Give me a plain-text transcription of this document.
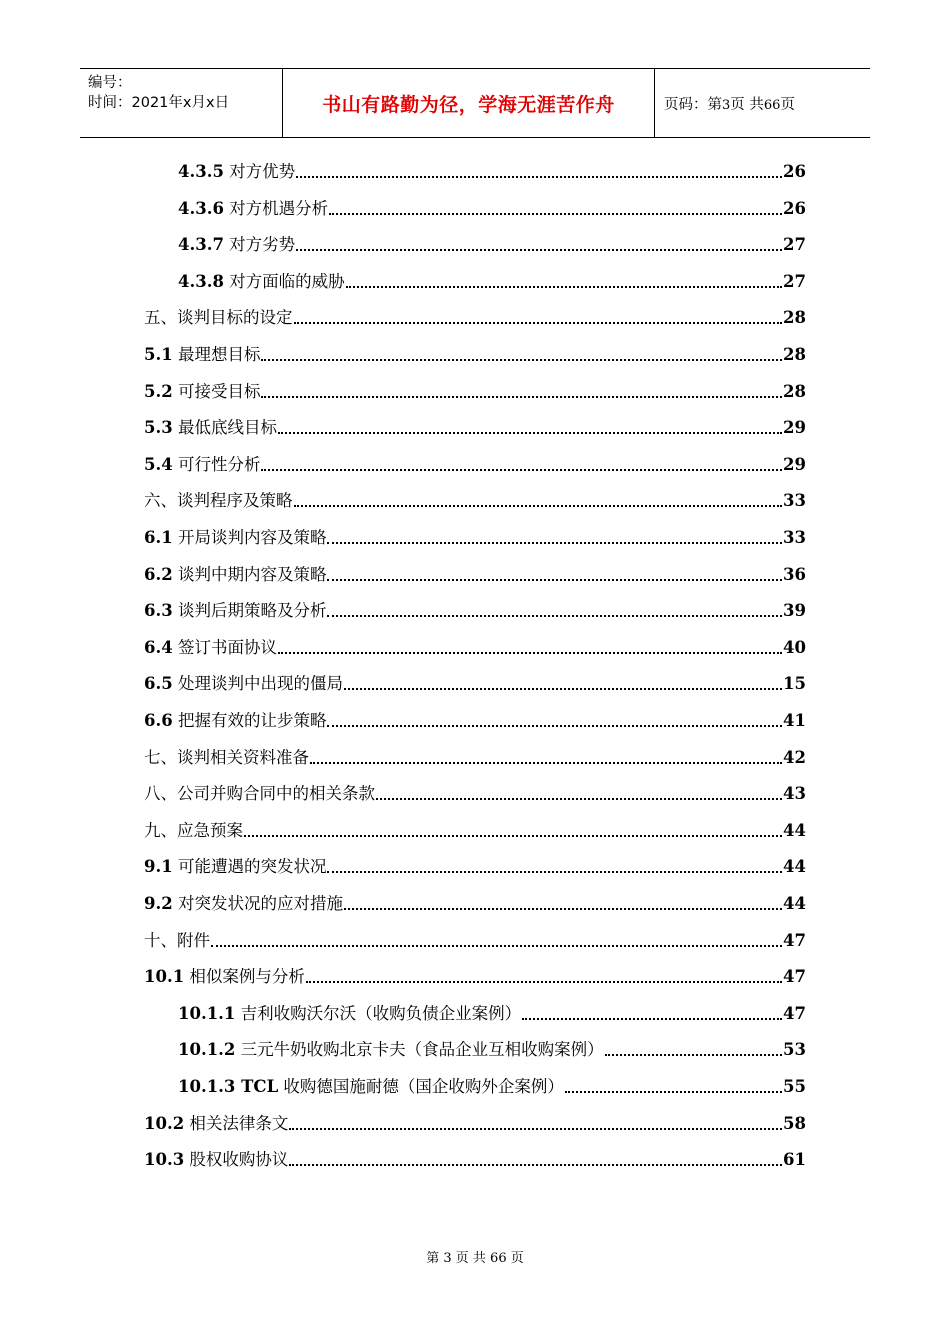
编号：
时间：2021年x月x日	书山有路勤为径，学海无涯苦作舟	页码：第3页 共66页
4.3.5 对方优势	26
4.3.6 对方机遇分析	26
4.3.7 对方劣势	27
4.3.8 对方面临的威胁	27
五、谈判目标的设定	28
5.1 最理想目标	28
5.2 可接受目标	28
5.3 最低底线目标	29
5.4 可行性分析	29
六、谈判程序及策略	33
6.1 开局谈判内容及策略	33
6.2 谈判中期内容及策略	36
6.3 谈判后期策略及分析	39
6.4 签订书面协议	40
6.5 处理谈判中出现的僵局	15
6.6 把握有效的让步策略	41
七、谈判相关资料准备	42
八、公司并购合同中的相关条款	43
九、应急预案	44
9.1 可能遭遇的突发状况	44
9.2 对突发状况的应对措施	44
十、附件	47
10.1 相似案例与分析	47
10.1.1 吉利收购沃尔沃（收购负债企业案例）	47
10.1.2 三元牛奶收购北京卡夫（食品企业互相收购案例）	53
10.1.3 TCL 收购德国施耐德（国企收购外企案例）	55
10.2 相关法律条文	58
10.3 股权收购协议	61
第 3 页 共 66 页
